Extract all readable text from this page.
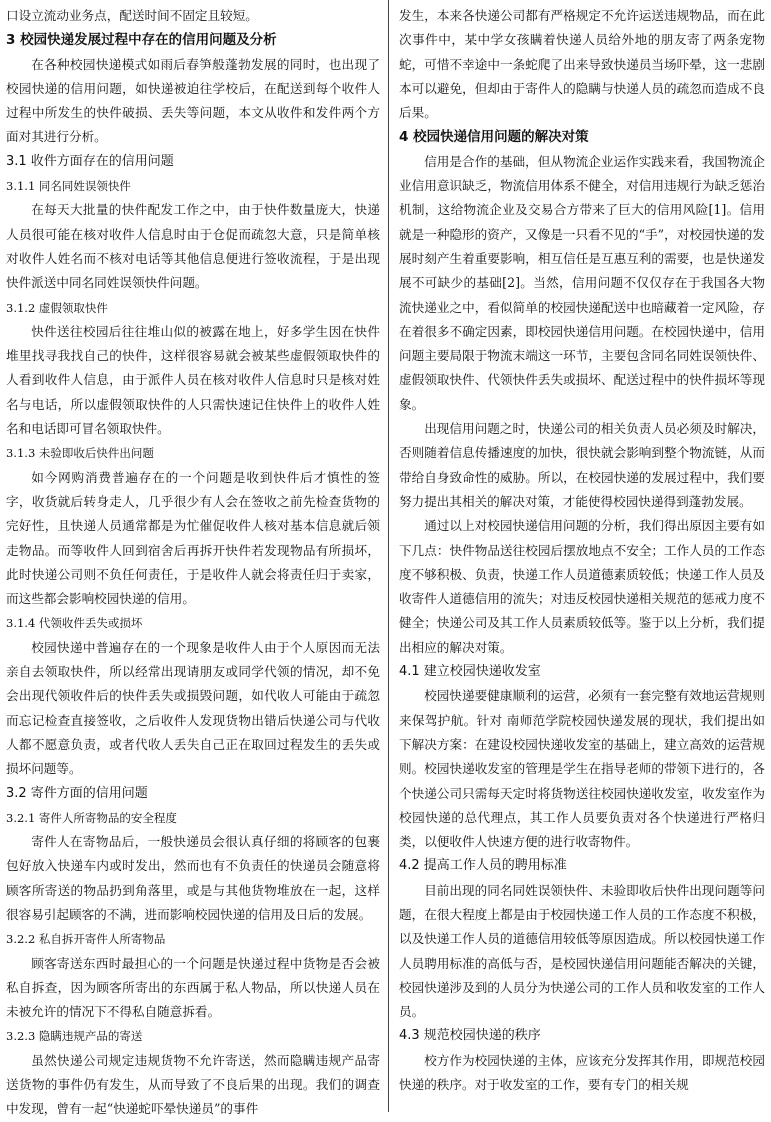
口设立流动业务点，配送时间不固定且较短。

3 校园快递发展过程中存在的信用问题及分析

在各种校园快递模式如雨后春笋般蓬勃发展的同时，也出现了校园快递的信用问题，如快递被迫往学校后，在配送到每个收件人过程中所发生的快件破损、丢失等问题，本文从收件和发件两个方面对其进行分析。

3.1 收件方面存在的信用问题
3.1.1 同名同姓误领快件

在每天大批量的快件配发工作之中，由于快件数量庞大，快递人员很可能在核对收件人信息时由于仓促而疏忽大意，只是简单核对收件人姓名而不核对电话等其他信息便进行签收流程，于是出现快件派送中同名同姓误领快件问题。

3.1.2 虚假领取快件

快件送往校园后往往堆山似的被露在地上，好多学生因在快件堆里找寻我找自己的快件，这样很容易就会被某些虚假领取快件的人看到收件人信息，由于派件人员在核对收件人信息时只是核对姓名与电话，所以虚假领取快件的人只需快速记住快件上的收件人姓名和电话即可冒名领取快件。

3.1.3 未验即收后快件出问题

如今网购消费普遍存在的一个问题是收到快件后才慎性的签字，收货就后转身走人，几乎很少有人会在签收之前先检查货物的完好性，且快递人员通常都是为忙催促收件人核对基本信息就后领走物品。而等收件人回到宿舍后再拆开快件若发现物品有所损坏，此时快递公司则不负任何责任，于是收件人就会将责任归于卖家，而这些都会影响校园快递的信用。

3.1.4 代领收件丢失或损坏

校园快递中普遍存在的一个现象是收件人由于个人原因而无法亲自去领取快件，所以经常出现请朋友或同学代领的情况，却不免会出现代领收件后的快件丢失或损毁问题，如代收人可能由于疏忽而忘记检查直接签收，之后收件人发现货物出错后快递公司与代收人都不愿意负责，或者代收人丢失自己正在取回过程发生的丢失或损坏问题等。

3.2 寄件方面的信用问题
3.2.1 寄件人所寄物品的安全程度

寄件人在寄物品后，一般快递员会很认真仔细的将顾客的包裹包好放入快递车内或时发出，然而也有不负责任的快递员会随意将顾客所寄送的物品扔到角落里，或是与其他货物堆放在一起，这样很容易引起顾客的不满，进而影响校园快递的信用及日后的发展。

3.2.2 私自拆开寄件人所寄物品

顾客寄送东西时最担心的一个问题是快递过程中货物是否会被私自拆查，因为顾客所寄出的东西属于私人物品，所以快递人员在未被允许的情况下不得私自随意拆看。

3.2.3 隐瞒违规产品的寄送

虽然快递公司规定违规货物不允许寄送，然而隐瞒违规产品寄送货物的事件仍有发生，从而导致了不良后果的出现。我们的调查中发现，曾有一起“快递蛇吓晕快递员”的事件

发生，本来各快递公司都有严格规定不允许运送违规物品，而在此次事件中，某中学女孩瞒着快递人员给外地的朋友寄了两条宠物蛇，可惜不幸途中一条蛇爬了出来导致快递员当场吓晕，这一悲剧本可以避免，但却由于寄件人的隐瞒与快递人员的疏忽而造成不良后果。

4 校园快递信用问题的解决对策

信用是合作的基础，但从物流企业运作实践来看，我国物流企业信用意识缺乏，物流信用体系不健全，对信用违规行为缺乏惩治机制，这给物流企业及交易合方带来了巨大的信用风险[1]。信用就是一种隐形的资产，又像是一只看不见的“手”，对校园快递的发展时刻产生着重要影响，相互信任是互惠互利的需要，也是快递发展不可缺少的基础[2]。当然，信用问题不仅仅存在于我国各大物流快递业之中，看似简单的校园快递配送中也暗藏着一定风险，存在着很多不确定因素，即校园快递信用问题。在校园快递中，信用问题主要局限于物流末端这一环节，主要包含同名同姓误领快件、虚假领取快件、代领快件丢失或损坏、配送过程中的快件损坏等现象。

出现信用问题之时，快递公司的相关负责人员必须及时解决，否则随着信息传播速度的加快，很快就会影响到整个物流链，从而带给自身致命性的威胁。所以，在校园快递的发展过程中，我们要努力提出其相关的解决对策，才能使得校园快递得到蓬勃发展。

通过以上对校园快递信用问题的分析，我们得出原因主要有如下几点：快件物品送往校园后摆放地点不安全；工作人员的工作态度不够积极、负责，快递工作人员道德素质较低；快递工作人员及收寄件人道德信用的流失；对违反校园快递相关规范的惩戒力度不健全；快递公司及其工作人员素质较低等。鉴于以上分析，我们提出相应的解决对策。

4.1 建立校园快递收发室

校园快递要健康顺利的运营，必须有一套完整有效地运营规则来保驾护航。针对 南师范学院校园快递发展的现状，我们提出如下解决方案：在建设校园快递收发室的基础上，建立高效的运营规则。校园快递收发室的管理是学生在指导老师的带领下进行的，各个快递公司只需每天定时将货物送往校园快递收发室，收发室作为校园快递的总代理点，其工作人员要负责对各个快递进行严格归类，以便收件人快速方便的进行收寄物件。

4.2 提高工作人员的聘用标准

目前出现的同名同姓误领快件、未验即收后快件出现问题等问题，在很大程度上都是由于校园快递工作人员的工作态度不积极，以及快递工作人员的道德信用较低等原因造成。所以校园快递工作人员聘用标准的高低与否，是校园快递信用问题能否解决的关键，校园快递涉及到的人员分为快递公司的工作人员和收发室的工作人员。

4.3 规范校园快递的秩序

校方作为校园快递的主体，应该充分发挥其作用，即规范校园快递的秩序。对于收发室的工作，要有专门的相关规
